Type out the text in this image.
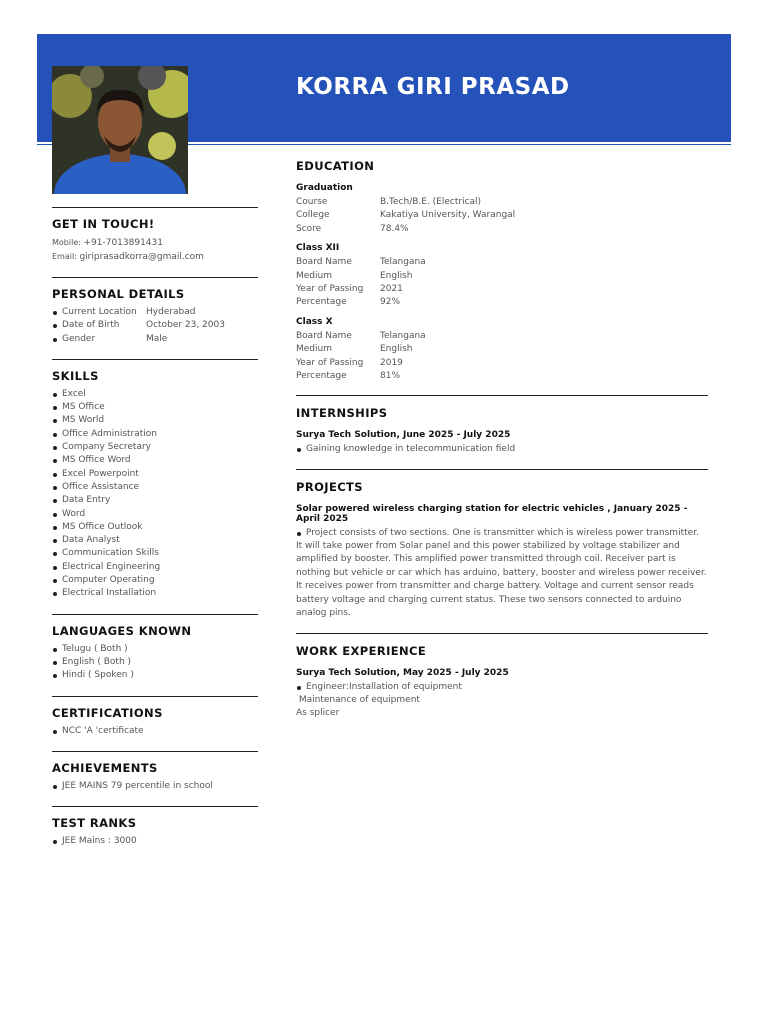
KORRA GIRI PRASAD
GET IN TOUCH!
Mobile: +91-7013891431
Email: giriprasadkorra@gmail.com
PERSONAL DETAILS
Current Location	Hyderabad
Date of Birth	October 23, 2003
Gender	Male
SKILLS
Excel
MS Office
MS World
Office Administration
Company Secretary
MS Office Word
Excel Powerpoint
Office Assistance
Data Entry
Word
MS Office Outlook
Data Analyst
Communication Skills
Electrical Engineering
Computer Operating
Electrical Installation
LANGUAGES KNOWN
Telugu ( Both )
English ( Both )
Hindi ( Spoken )
CERTIFICATIONS
NCC 'A 'certificate
ACHIEVEMENTS
JEE MAINS 79 percentile in school
TEST RANKS
JEE Mains : 3000
EDUCATION
Graduation
Course	B.Tech/B.E. (Electrical)
College	Kakatiya University, Warangal
Score	78.4%
Class XII
Board Name	Telangana
Medium	English
Year of Passing	2021
Percentage	92%
Class X
Board Name	Telangana
Medium	English
Year of Passing	2019
Percentage	81%
INTERNSHIPS
Surya Tech Solution, June 2025 - July 2025
Gaining knowledge in telecommunication field
PROJECTS
Solar powered wireless charging station for electric vehicles , January 2025 - April 2025
Project consists of two sections. One is transmitter which is wireless power transmitter.
It will take power from Solar panel and this power stabilized by voltage stabilizer and amplified by booster. This amplified power transmitted through coil. Receiver part is nothing but vehicle or car which has arduino, battery, booster and wireless power receiver. It receives power from transmitter and charge battery. Voltage and current sensor reads battery voltage and charging current status. These two sensors connected to arduino analog pins.
WORK EXPERIENCE
Surya Tech Solution, May 2025 - July 2025
Engineer:Installation of equipment
Maintenance of equipment
As splicer
